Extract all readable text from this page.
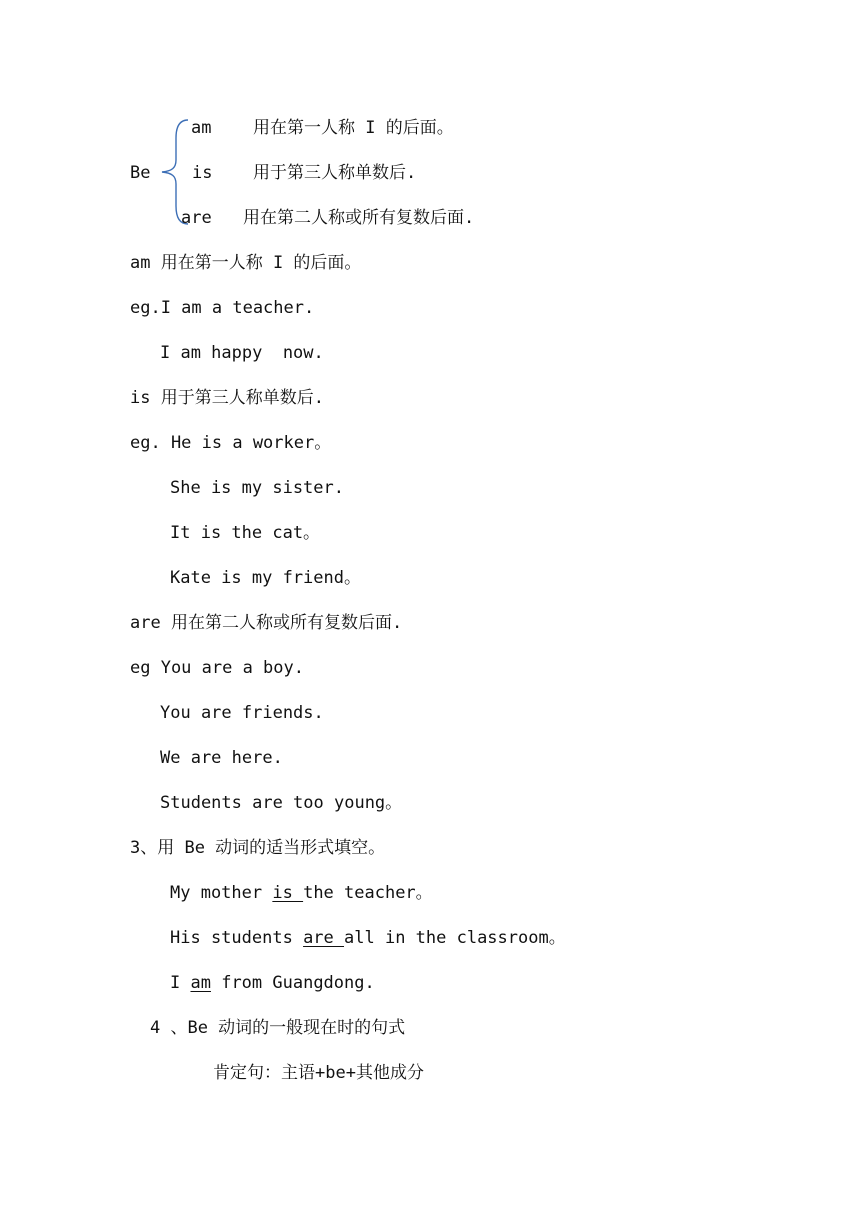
Be
am 用在第一人称 I 的后面。
is 用于第三人称单数后.
are 用在第二人称或所有复数后面.
am 用在第一人称 I 的后面。
eg.I am a teacher.
I am happy  now.
is 用于第三人称单数后.
eg. He is a worker。
She is my sister.
It is the cat。
Kate is my friend。
are 用在第二人称或所有复数后面.
eg You are a boy.
You are friends.
We are here.
Students are too young。
3、用 Be 动词的适当形式填空。
My mother is the teacher。
His students are all in the classroom。
I am from Guangdong.
4 、Be 动词的一般现在时的句式
肯定句：主语+be+其他成分
